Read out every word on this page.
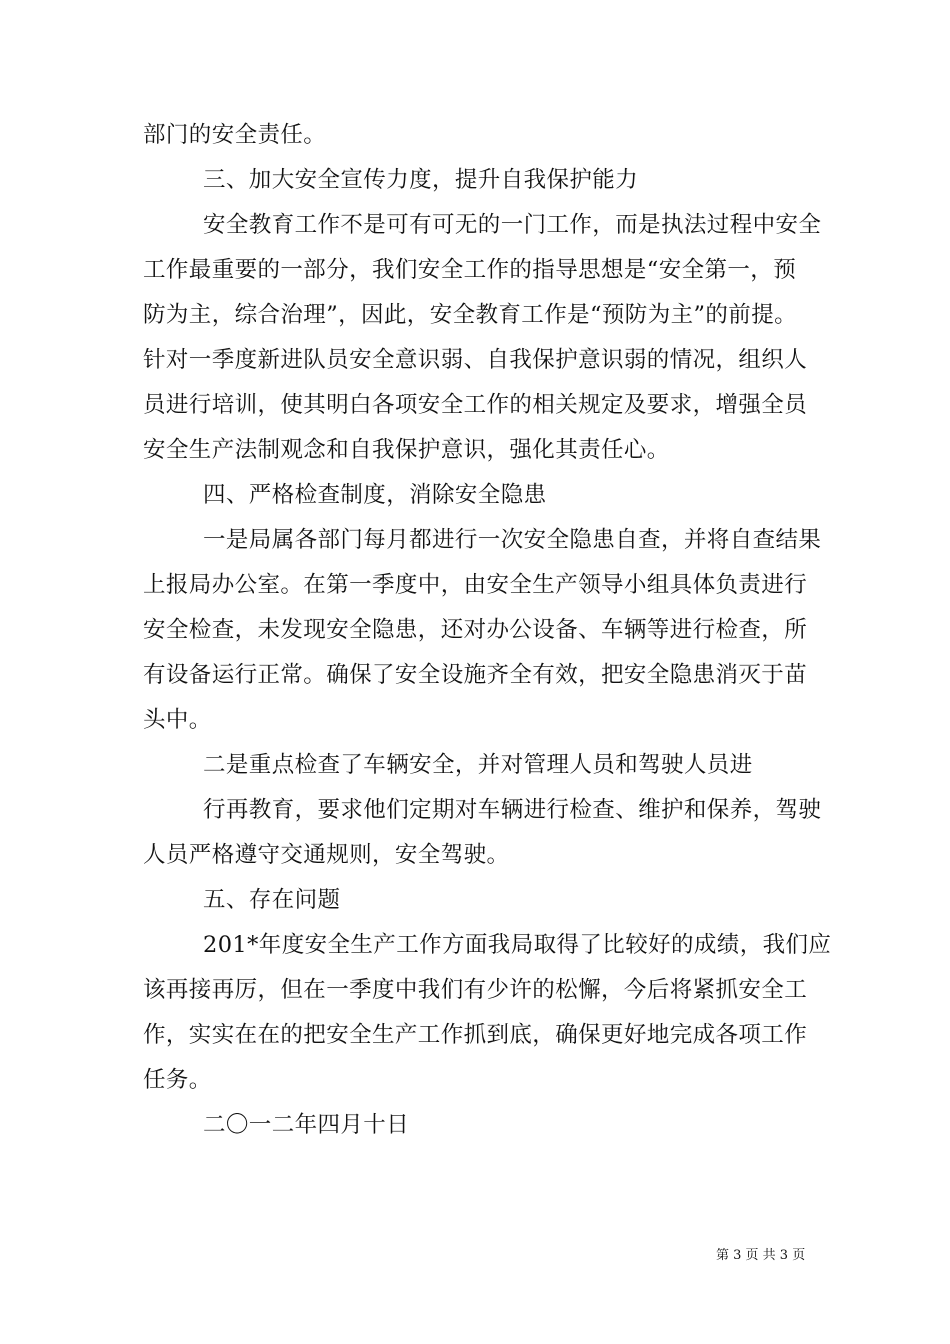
部门的安全责任。
三、加大安全宣传力度，提升自我保护能力
安全教育工作不是可有可无的一门工作，而是执法过程中安全
工作最重要的一部分，我们安全工作的指导思想是“安全第一，预
防为主，综合治理”，因此，安全教育工作是“预防为主”的前提。
针对一季度新进队员安全意识弱、自我保护意识弱的情况，组织人
员进行培训，使其明白各项安全工作的相关规定及要求，增强全员
安全生产法制观念和自我保护意识，强化其责任心。
四、严格检查制度，消除安全隐患
一是局属各部门每月都进行一次安全隐患自查，并将自查结果
上报局办公室。在第一季度中，由安全生产领导小组具体负责进行
安全检查，未发现安全隐患，还对办公设备、车辆等进行检查，所
有设备运行正常。确保了安全设施齐全有效，把安全隐患消灭于苗
头中。
二是重点检查了车辆安全，并对管理人员和驾驶人员进
行再教育，要求他们定期对车辆进行检查、维护和保养，驾驶
人员严格遵守交通规则，安全驾驶。
五、存在问题
201*年度安全生产工作方面我局取得了比较好的成绩，我们应
该再接再厉，但在一季度中我们有少许的松懈，今后将紧抓安全工
作，实实在在的把安全生产工作抓到底，确保更好地完成各项工作
任务。
二〇一二年四月十日
第 3 页 共 3 页
